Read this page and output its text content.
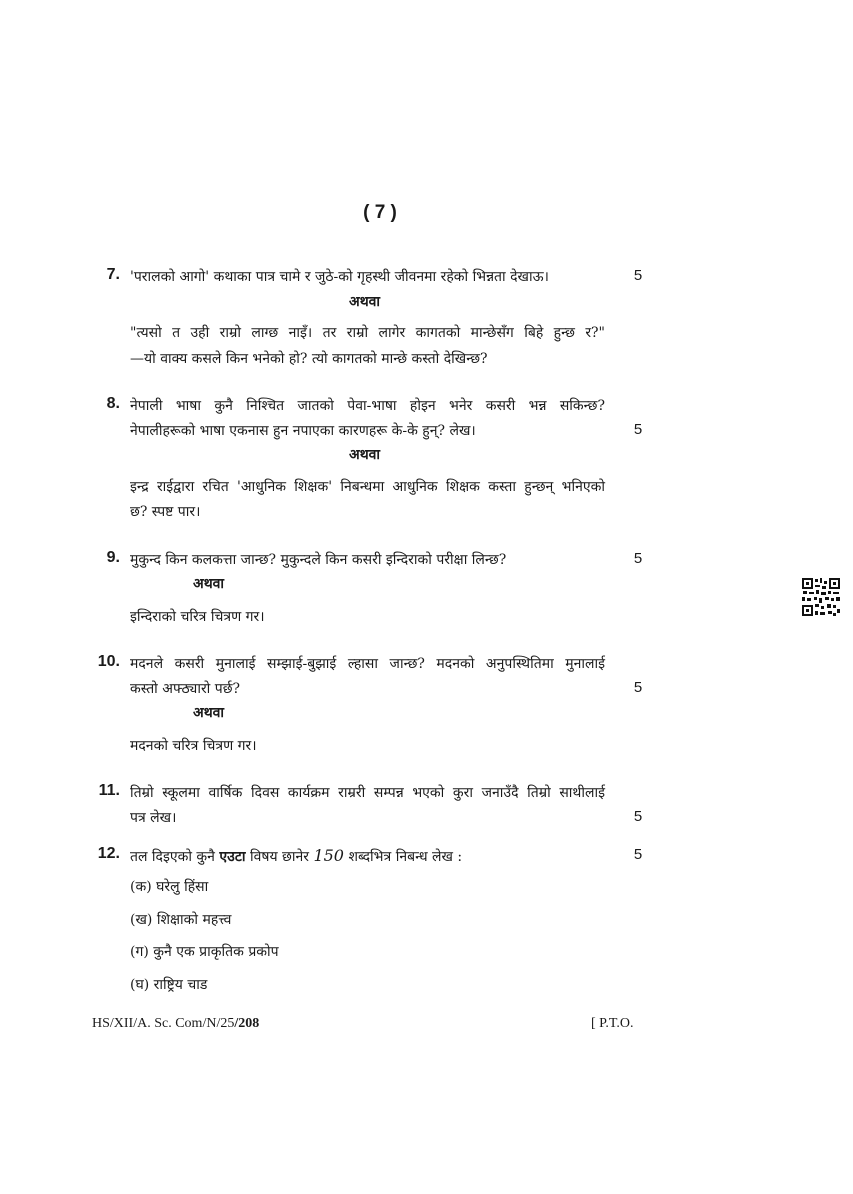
( 7 )
7. 'परालको आगो' कथाका पात्र चामे र जुठे-को गृहस्थी जीवनमा रहेको भिन्नता देखाऊ।	5
अथवा
"त्यसो त उही राम्रो लाग्छ नाइँ। तर राम्रो लागेर कागतको मान्छेसँग बिहे हुन्छ र?"
—यो वाक्य कसले किन भनेको हो? त्यो कागतको मान्छे कस्तो देखिन्छ?
8. नेपाली भाषा कुनै निश्चित जातको पेवा-भाषा होइन भनेर कसरी भन्न सकिन्छ?
नेपालीहरूको भाषा एकनास हुन नपाएका कारणहरू के-के हुन्? लेख।	5
अथवा
इन्द्र राईद्वारा रचित 'आधुनिक शिक्षक' निबन्धमा आधुनिक शिक्षक कस्ता हुन्छन् भनिएको
छ? स्पष्ट पार।
9. मुकुन्द किन कलकत्ता जान्छ? मुकुन्दले किन कसरी इन्दिराको परीक्षा लिन्छ?	5
अथवा
इन्दिराको चरित्र चित्रण गर।
10. मदनले कसरी मुनालाई सम्झाई-बुझाई ल्हासा जान्छ? मदनको अनुपस्थितिमा मुनालाई
कस्तो अफ्ठ्यारो पर्छ?	5
अथवा
मदनको चरित्र चित्रण गर।
11. तिम्रो स्कूलमा वार्षिक दिवस कार्यक्रम राम्ररी सम्पन्न भएको कुरा जनाउँदै तिम्रो साथीलाई
पत्र लेख।	5
12. तल दिइएको कुनै एउटा विषय छानेर 150 शब्दभित्र निबन्ध लेख :	5
(क) घरेलु हिंसा
(ख) शिक्षाको महत्त्व
(ग) कुनै एक प्राकृतिक प्रकोप
(घ) राष्ट्रिय चाड
HS/XII/A. Sc. Com/N/25/208	[ P.T.O.
